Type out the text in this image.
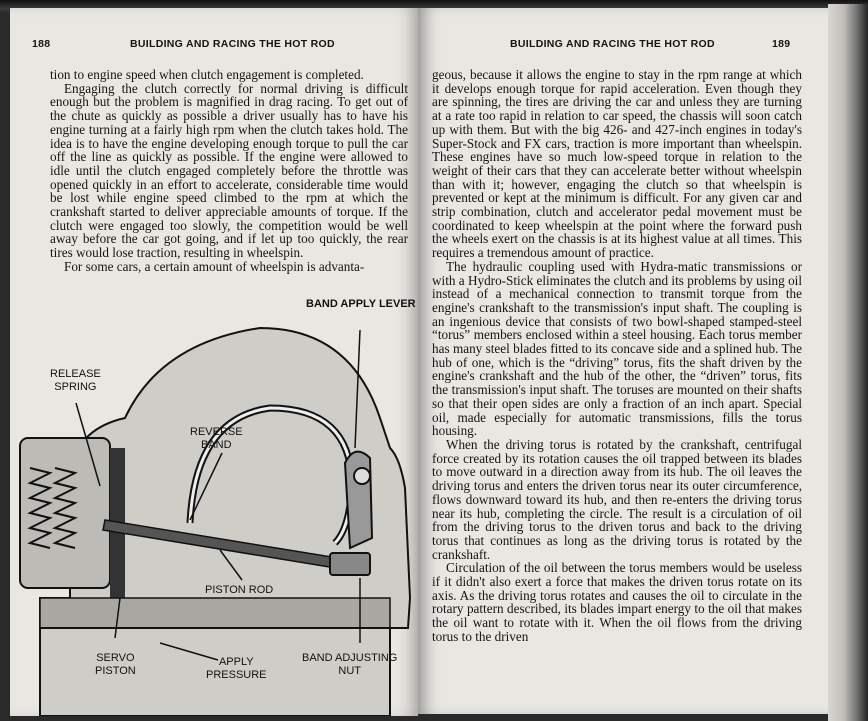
188	BUILDING AND RACING THE HOT ROD

tion to engine speed when clutch engagement is completed.

Engaging the clutch correctly for normal driving is difficult enough but the problem is magnified in drag racing. To get out of the chute as quickly as possible a driver usually has to have his engine turning at a fairly high rpm when the clutch takes hold. The idea is to have the engine developing enough torque to pull the car off the line as quickly as possible. If the engine were allowed to idle until the clutch engaged completely before the throttle was opened quickly in an effort to accelerate, considerable time would be lost while engine speed climbed to the rpm at which the crankshaft started to deliver appreciable amounts of torque. If the clutch were engaged too slowly, the competition would be well away before the car got going, and if let up too quickly, the rear tires would lose traction, resulting in wheelspin.

For some cars, a certain amount of wheelspin is advanta-

BAND APPLY LEVER
RELEASE
SPRING
REVERSE
BAND
PISTON ROD
SERVO
PISTON
APPLY
PRESSURE
BAND ADJUSTING
NUT
BUILDING AND RACING THE HOT ROD	189

geous, because it allows the engine to stay in the rpm range at which it develops enough torque for rapid acceleration. Even though they are spinning, the tires are driving the car and unless they are turning at a rate too rapid in relation to car speed, the chassis will soon catch up with them. But with the big 426- and 427-inch engines in today's Super-Stock and FX cars, traction is more important than wheelspin. These engines have so much low-speed torque in relation to the weight of their cars that they can accelerate better without wheelspin than with it; however, engaging the clutch so that wheelspin is prevented or kept at the minimum is difficult. For any given car and strip combination, clutch and accelerator pedal movement must be coordinated to keep wheelspin at the point where the forward push the wheels exert on the chassis is at its highest value at all times. This requires a tremendous amount of practice.

The hydraulic coupling used with Hydra-matic transmissions or with a Hydro-Stick eliminates the clutch and its problems by using oil instead of a mechanical connection to transmit torque from the engine's crankshaft to the transmission's input shaft. The coupling is an ingenious device that consists of two bowl-shaped stamped-steel “torus” members enclosed within a steel housing. Each torus member has many steel blades fitted to its concave side and a splined hub. The hub of one, which is the “driving” torus, fits the shaft driven by the engine's crankshaft and the hub of the other, the “driven” torus, fits the transmission's input shaft. The toruses are mounted on their shafts so that their open sides are only a fraction of an inch apart. Special oil, made especially for automatic transmissions, fills the torus housing.

When the driving torus is rotated by the crankshaft, centrifugal force created by its rotation causes the oil trapped between its blades to move outward in a direction away from its hub. The oil leaves the driving torus and enters the driven torus near its outer circumference, flows downward toward its hub, and then re-enters the driving torus near its hub, completing the circle. The result is a circulation of oil from the driving torus to the driven torus and back to the driving torus that continues as long as the driving torus is rotated by the crankshaft.

Circulation of the oil between the torus members would be useless if it didn't also exert a force that makes the driven torus rotate on its axis. As the driving torus rotates and causes the oil to circulate in the rotary pattern described, its blades impart energy to the oil that makes the oil want to rotate with it. When the oil flows from the driving torus to the driven
